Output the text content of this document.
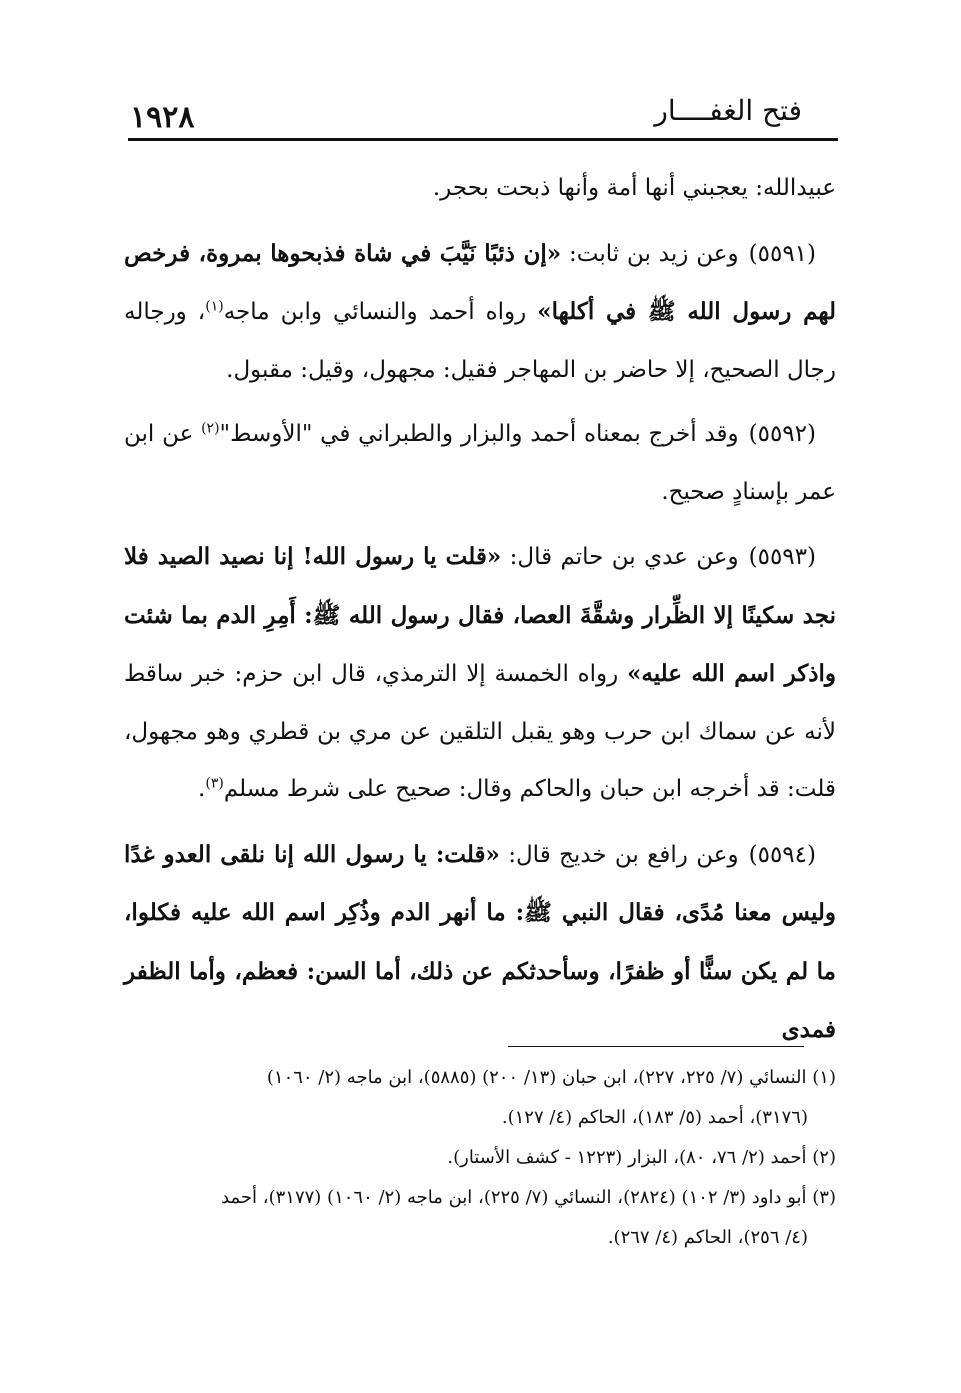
١٩٢٨	فتح الغفــــار

عبيدالله: يعجبني أنها أمة وأنها ذبحت بحجر.

(٥٥٩١)وعن زيد بن ثابت: «إن ذئبًا نَيَّبَ في شاة فذبحوها بمروة، فرخص لهم رسول الله ﷺ في أكلها» رواه أحمد والنسائي وابن ماجه$^{(١)}$، ورجاله رجال الصحيح، إلا حاضر بن المهاجر فقيل: مجهول، وقيل: مقبول.

(٥٥٩٢)وقد أخرج بمعناه أحمد والبزار والطبراني في "الأوسط"$^{(٢)}$ عن ابن عمر بإسنادٍ صحيح.

(٥٥٩٣)وعن عدي بن حاتم قال: «قلت يا رسول الله! إنا نصيد الصيد فلا نجد سكينًا إلا الظِّرار وشقَّةَ العصا، فقال رسول الله ﷺ: أَمِرِ الدم بما شئت واذكر اسم الله عليه» رواه الخمسة إلا الترمذي، قال ابن حزم: خبر ساقط لأنه عن سماك ابن حرب وهو يقبل التلقين عن مري بن قطري وهو مجهول، قلت: قد أخرجه ابن حبان والحاكم وقال: صحيح على شرط مسلم$^{(٣)}$.

(٥٥٩٤)وعن رافع بن خديج قال: «قلت: يا رسول الله إنا نلقى العدو غدًا وليس معنا مُدًى، فقال النبي ﷺ: ما أنهر الدم وذُكِر اسم الله عليه فكلوا، ما لم يكن سنًّا أو ظفرًا، وسأحدثكم عن ذلك، أما السن: فعظم، وأما الظفر فمدى

(١) النسائي (٧/ ٢٢٥، ٢٢٧)، ابن حبان (١٣/ ٢٠٠) (٥٨٨٥)، ابن ماجه (٢/ ١٠٦٠)
(٣١٧٦)، أحمد (٥/ ١٨٣)، الحاكم (٤/ ١٢٧).

(٢) أحمد (٢/ ٧٦، ٨٠)، البزار (١٢٢٣ - كشف الأستار).

(٣) أبو داود (٣/ ١٠٢) (٢٨٢٤)، النسائي (٧/ ٢٢٥)، ابن ماجه (٢/ ١٠٦٠) (٣١٧٧)، أحمد
(٤/ ٢٥٦)، الحاكم (٤/ ٢٦٧).
